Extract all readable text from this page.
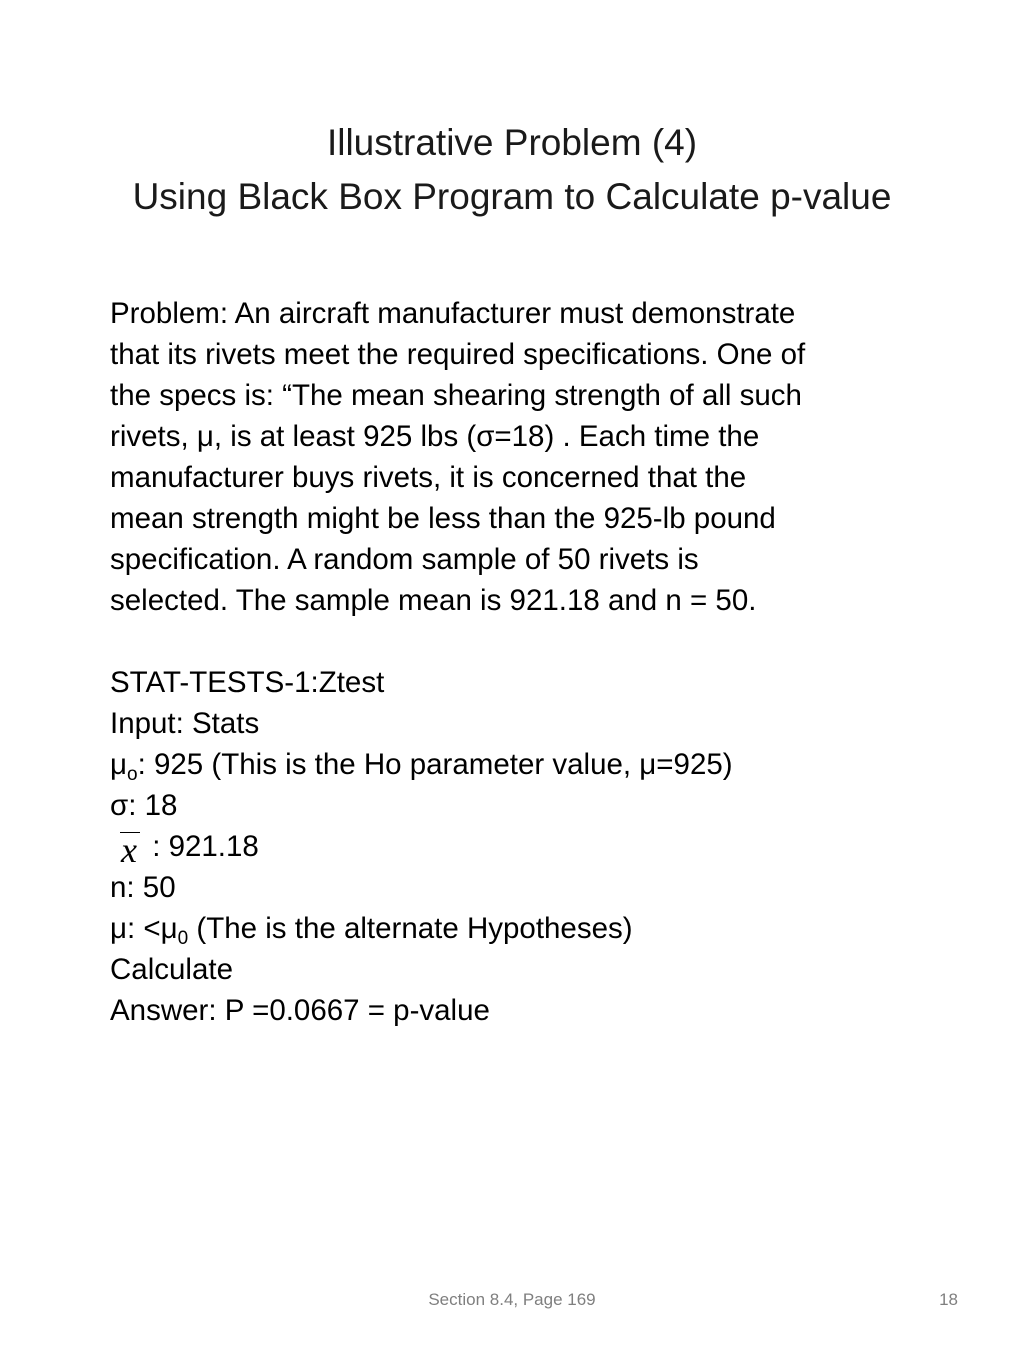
Illustrative Problem (4)
Using Black Box Program to Calculate p-value
Problem: An aircraft manufacturer must demonstrate
that its rivets meet the required specifications. One of
the specs is: “The mean shearing strength of all such
rivets, μ, is at least 925 lbs (σ=18) . Each time the
manufacturer buys rivets, it is concerned that the
mean strength might be less than the 925-lb pound
specification. A random sample of 50 rivets is
selected. The sample mean is 921.18 and n = 50.
STAT-TESTS-1:Ztest
Input: Stats
$\mu_o$: 925 (This is the Ho parameter value, μ=925)
σ: 18
x : 921.18
n: 50
μ: $<\mu_0$ (The is the alternate Hypotheses)
Calculate
Answer: P =0.0667 = p-value
Section 8.4, Page 169	18
